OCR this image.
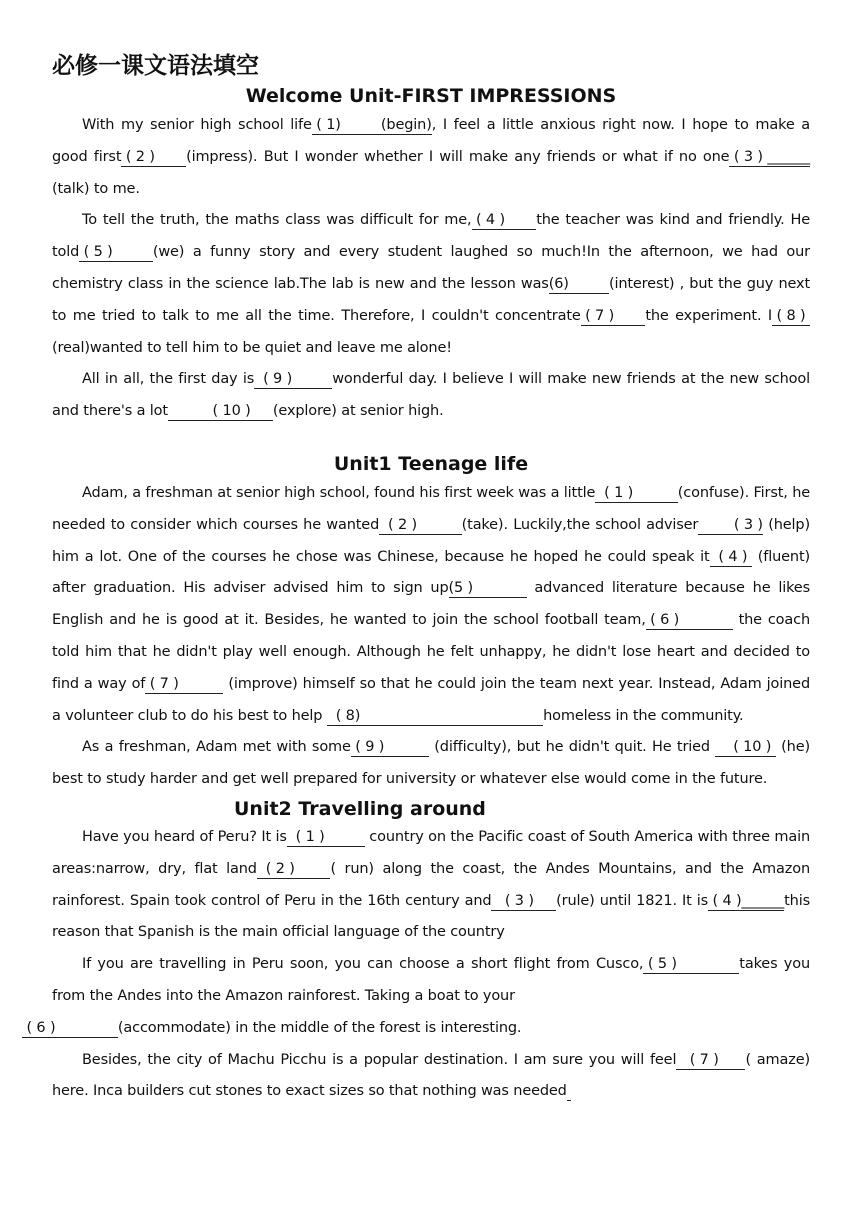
必修一课文语法填空
Welcome Unit-FIRST IMPRESSIONS

With my senior high school life ( 1)         (begin), I feel a little anxious right now. I hope to make a good first ( 2 )       (impress). But I wonder whether I will make any friends or what if no one ( 3 ) ______ (talk) to me.

To tell the truth, the maths class was difficult for me, ( 4 )       the teacher was kind and friendly. He told ( 5 )         (we) a funny story and every student laughed so much!In the afternoon, we had our chemistry class in the science lab.The lab is new and the lesson was(6)         (interest) , but the guy next to me tried to talk to me all the time. Therefore, I couldn't concentrate ( 7 )       the experiment. I ( 8 )  (real)wanted to tell him to be quiet and leave me alone!

All in all, the first day is  ( 9 )         wonderful day. I believe I will make new friends at the new school and there's a lot          ( 10 )     (explore) at senior high.

Unit1 Teenage life

Adam, a freshman at senior high school, found his first week was a little  ( 1 )          (confuse). First, he needed to consider which courses he wanted  ( 2 )          (take). Luckily,the school adviser        ( 3 ) (help) him a lot. One of the courses he chose was Chinese, because he hoped he could speak it  ( 4 )  (fluent) after graduation. His adviser advised him to sign up(5 )             advanced literature because he likes English and he is good at it. Besides, he wanted to join the school football team, ( 6 )             the coach told him that he didn't play well enough. Although he felt unhappy, he didn't lose heart and decided to find a way of ( 7 )           (improve) himself so that he could join the team next year. Instead, Adam joined a volunteer club to do his best to help   ( 8)                                         homeless in the community.

As a freshman, Adam met with some ( 9 )           (difficulty), but he didn't quit. He tried     ( 10 )  (he) best to study harder and get well prepared for university or whatever else would come in the future.

Unit2 Travelling around

Have you heard of Peru? It is  ( 1 )          country on the Pacific coast of South America with three main areas:narrow, dry, flat land  ( 2 )        ( run) along the coast, the Andes Mountains, and the Amazon rainforest. Spain took control of Peru in the 16th century and   ( 3 )     (rule) until 1821. It is ( 4 )______this reason that Spanish is the main official language of the country

If you are travelling in Peru soon, you can choose a short flight from Cusco, ( 5 )              takes you from the Andes into the Amazon rainforest. Taking a boat to your
( 6 )              (accommodate) in the middle of the forest is interesting.

Besides, the city of Machu Picchu is a popular destination. I am sure you will feel   ( 7 )      ( amaze) here. Inca builders cut stones to exact sizes so that nothing was needed
